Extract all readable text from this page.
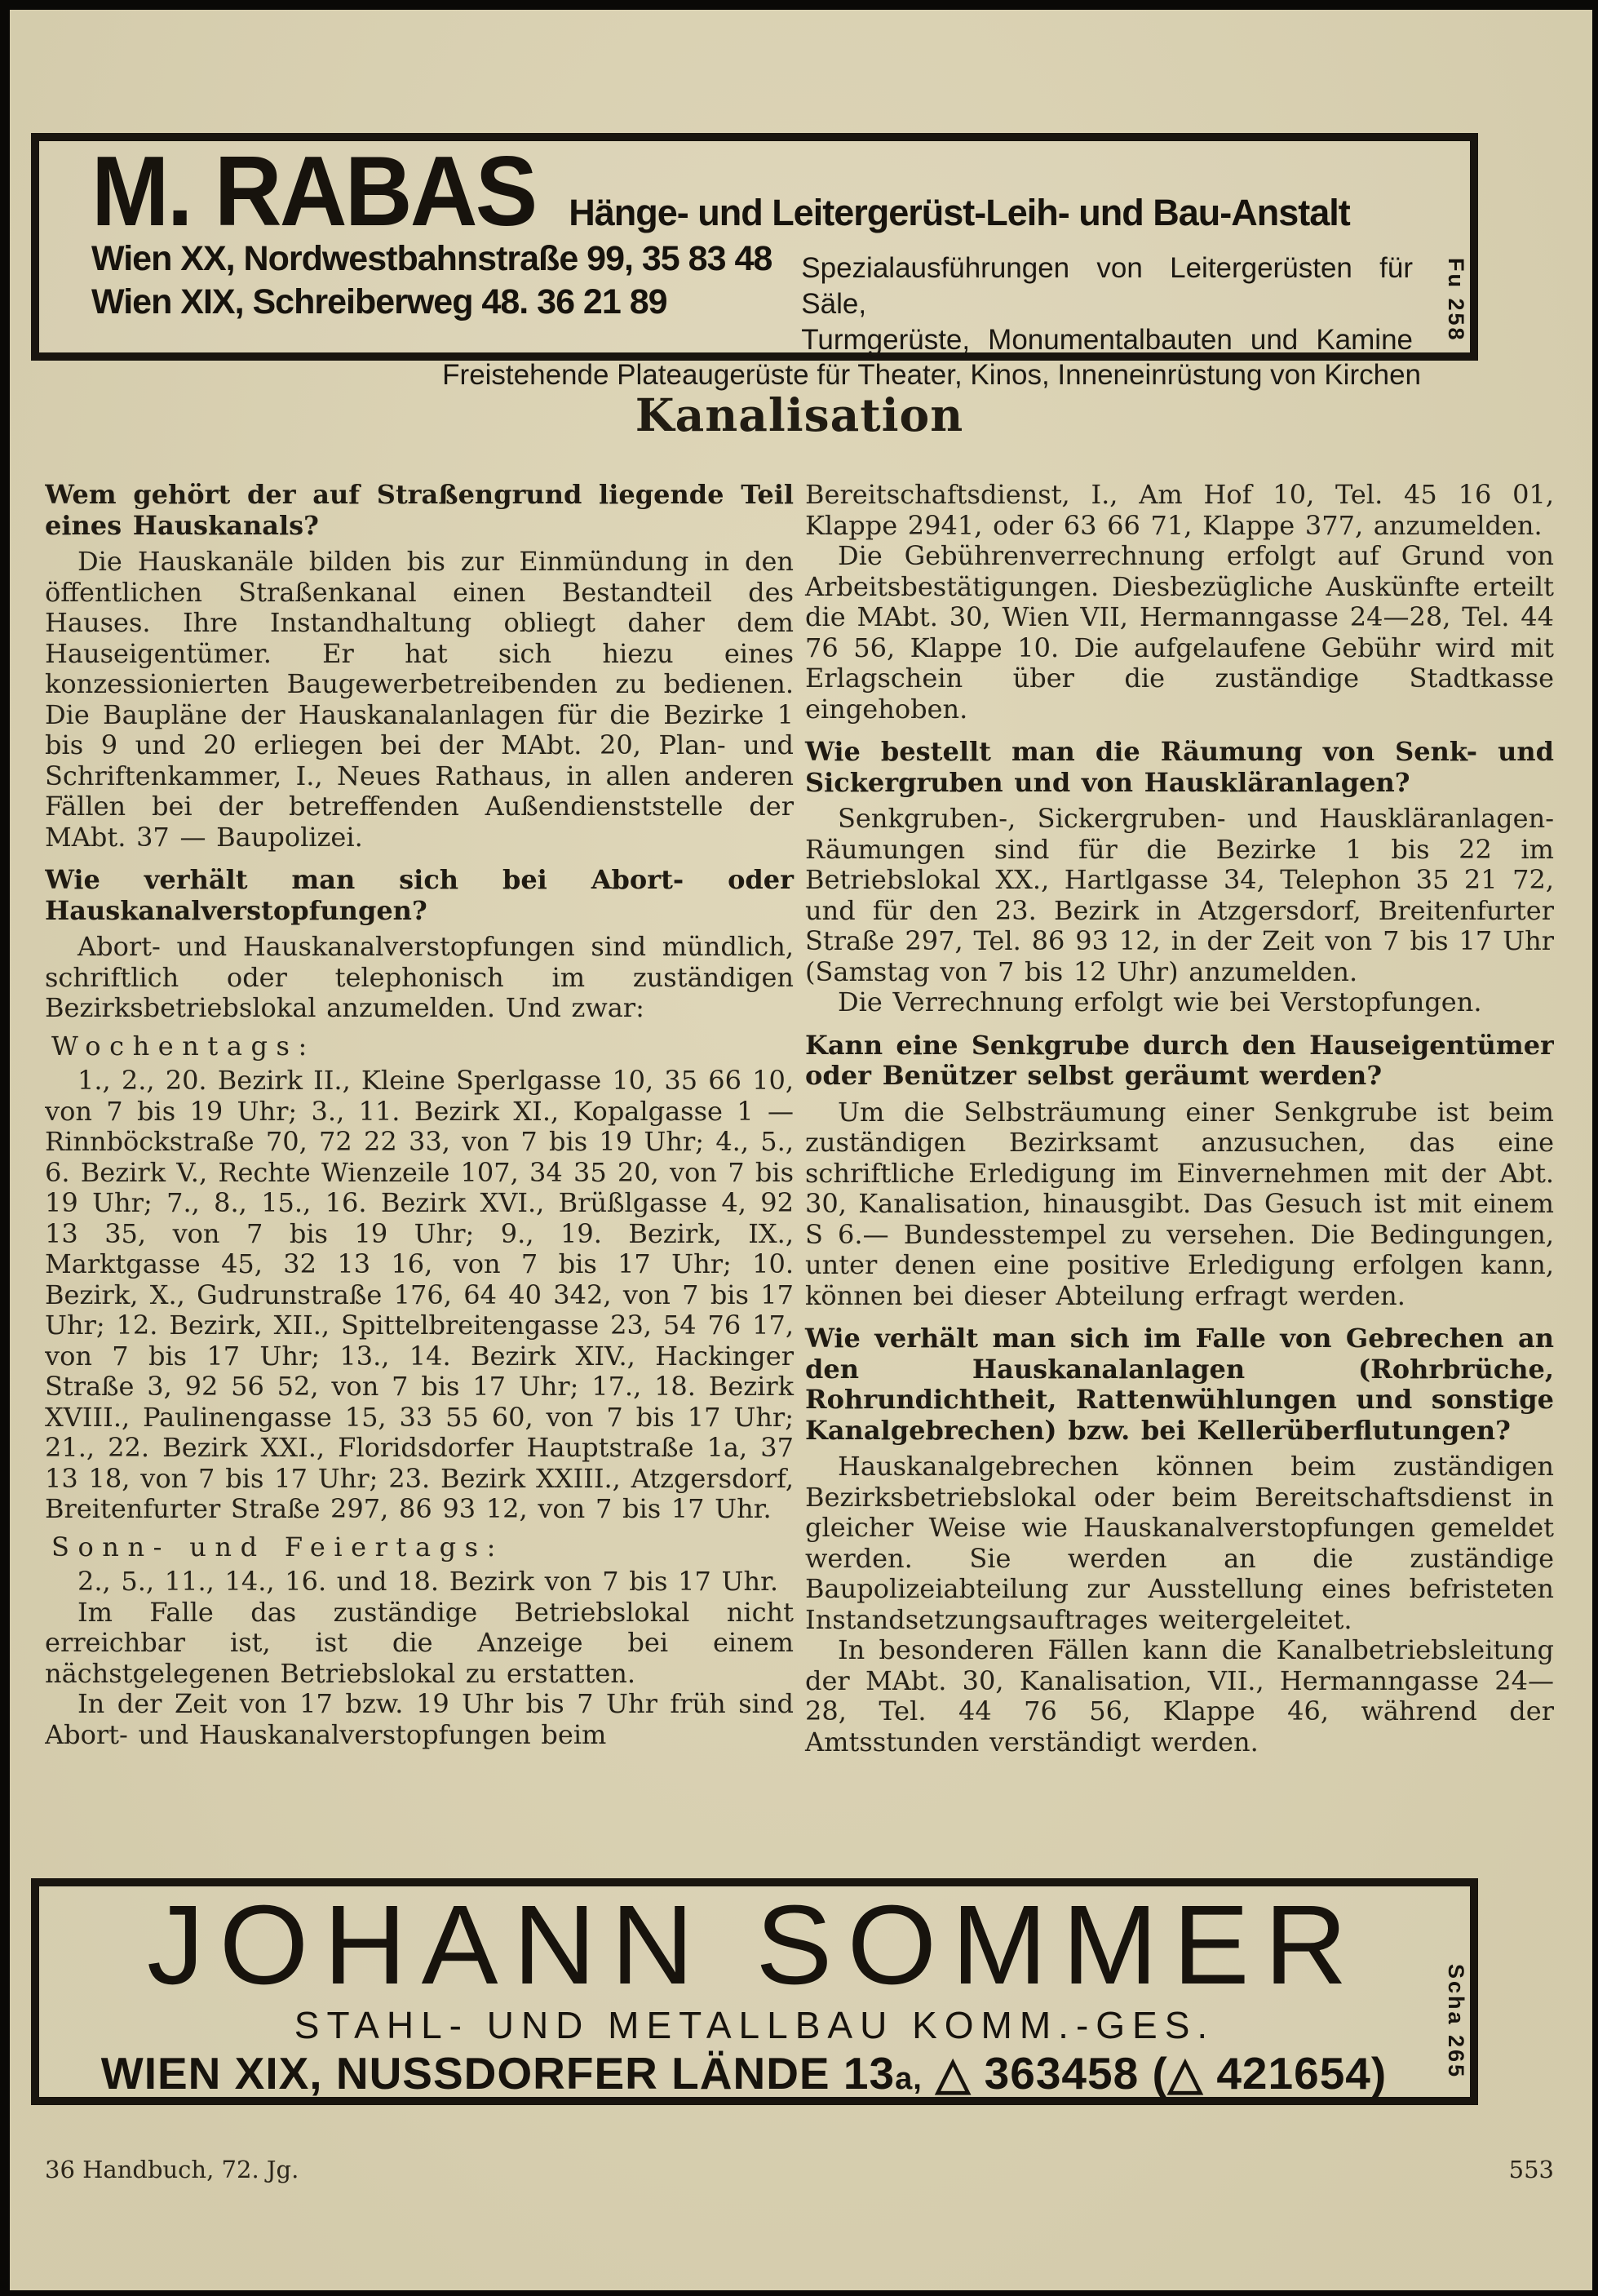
M. RABAS Hänge- und Leitergerüst-Leih- und Bau-Anstalt
Wien XX, Nordwestbahnstraße 99, 35 83 48
Wien XIX, Schreiberweg 48. 36 21 89
Spezialausführungen von Leitergerüsten für Säle,
Turmgerüste, Monumentalbauten und Kamine
Freistehende Plateaugerüste für Theater, Kinos, Inneneinrüstung von Kirchen
Fu 258
Kanalisation

Wem gehört der auf Straßengrund liegende Teil eines Hauskanals?

Die Hauskanäle bilden bis zur Einmündung in den öffentlichen Straßenkanal einen Bestandteil des Hauses. Ihre Instandhaltung obliegt daher dem Hauseigentümer. Er hat sich hiezu eines konzessionierten Baugewerbetreibenden zu bedienen. Die Baupläne der Hauskanalanlagen für die Bezirke 1 bis 9 und 20 erliegen bei der MAbt. 20, Plan- und Schriftenkammer, I., Neues Rathaus, in allen anderen Fällen bei der betreffenden Außendienststelle der MAbt. 37 — Baupolizei.

Wie verhält man sich bei Abort- oder Hauskanalverstopfungen?

Abort- und Hauskanalverstopfungen sind mündlich, schriftlich oder telephonisch im zuständigen Bezirksbetriebslokal anzumelden. Und zwar:

Wochentags:

1., 2., 20. Bezirk II., Kleine Sperlgasse 10, 35 66 10, von 7 bis 19 Uhr; 3., 11. Bezirk XI., Kopalgasse 1 — Rinnböckstraße 70, 72 22 33, von 7 bis 19 Uhr; 4., 5., 6. Bezirk V., Rechte Wienzeile 107, 34 35 20, von 7 bis 19 Uhr; 7., 8., 15., 16. Bezirk XVI., Brüßlgasse 4, 92 13 35, von 7 bis 19 Uhr; 9., 19. Bezirk, IX., Marktgasse 45, 32 13 16, von 7 bis 17 Uhr; 10. Bezirk, X., Gudrunstraße 176, 64 40 342, von 7 bis 17 Uhr; 12. Bezirk, XII., Spittelbreitengasse 23, 54 76 17, von 7 bis 17 Uhr; 13., 14. Bezirk XIV., Hackinger Straße 3, 92 56 52, von 7 bis 17 Uhr; 17., 18. Bezirk XVIII., Paulinengasse 15, 33 55 60, von 7 bis 17 Uhr; 21., 22. Bezirk XXI., Floridsdorfer Hauptstraße 1a, 37 13 18, von 7 bis 17 Uhr; 23. Bezirk XXIII., Atzgersdorf, Breitenfurter Straße 297, 86 93 12, von 7 bis 17 Uhr.

Sonn- und Feiertags:

2., 5., 11., 14., 16. und 18. Bezirk von 7 bis 17 Uhr.

Im Falle das zuständige Betriebslokal nicht erreichbar ist, ist die Anzeige bei einem nächstgelegenen Betriebslokal zu erstatten.

In der Zeit von 17 bzw. 19 Uhr bis 7 Uhr früh sind Abort- und Hauskanalverstopfungen beim

Bereitschaftsdienst, I., Am Hof 10, Tel. 45 16 01, Klappe 2941, oder 63 66 71, Klappe 377, anzumelden.

Die Gebührenverrechnung erfolgt auf Grund von Arbeitsbestätigungen. Diesbezügliche Auskünfte erteilt die MAbt. 30, Wien VII, Hermanngasse 24—28, Tel. 44 76 56, Klappe 10. Die aufgelaufene Gebühr wird mit Erlagschein über die zuständige Stadtkasse eingehoben.

Wie bestellt man die Räumung von Senk- und Sickergruben und von Hauskläranlagen?

Senkgruben-, Sickergruben- und Hauskläranlagen-Räumungen sind für die Bezirke 1 bis 22 im Betriebslokal XX., Hartlgasse 34, Telephon 35 21 72, und für den 23. Bezirk in Atzgersdorf, Breitenfurter Straße 297, Tel. 86 93 12, in der Zeit von 7 bis 17 Uhr (Samstag von 7 bis 12 Uhr) anzumelden.

Die Verrechnung erfolgt wie bei Verstopfungen.

Kann eine Senkgrube durch den Hauseigentümer oder Benützer selbst geräumt werden?

Um die Selbsträumung einer Senkgrube ist beim zuständigen Bezirksamt anzusuchen, das eine schriftliche Erledigung im Einvernehmen mit der Abt. 30, Kanalisation, hinausgibt. Das Gesuch ist mit einem S 6.— Bundesstempel zu versehen. Die Bedingungen, unter denen eine positive Erledigung erfolgen kann, können bei dieser Abteilung erfragt werden.

Wie verhält man sich im Falle von Gebrechen an den Hauskanalanlagen (Rohrbrüche, Rohrundichtheit, Rattenwühlungen und sonstige Kanalgebrechen) bzw. bei Kellerüberflutungen?

Hauskanalgebrechen können beim zuständigen Bezirksbetriebslokal oder beim Bereitschaftsdienst in gleicher Weise wie Hauskanalverstopfungen gemeldet werden. Sie werden an die zuständige Baupolizeiabteilung zur Ausstellung eines befristeten Instandsetzungsauftrages weitergeleitet.

In besonderen Fällen kann die Kanalbetriebsleitung der MAbt. 30, Kanalisation, VII., Hermanngasse 24—28, Tel. 44 76 56, Klappe 46, während der Amtsstunden verständigt werden.

JOHANN SOMMER
STAHL- UND METALLBAU KOMM.-GES.
WIEN XIX, NUSSDORFER LÄNDE 13a, △ 363458 (△ 421654)	Scha 265
36 Handbuch, 72. Jg.	553
